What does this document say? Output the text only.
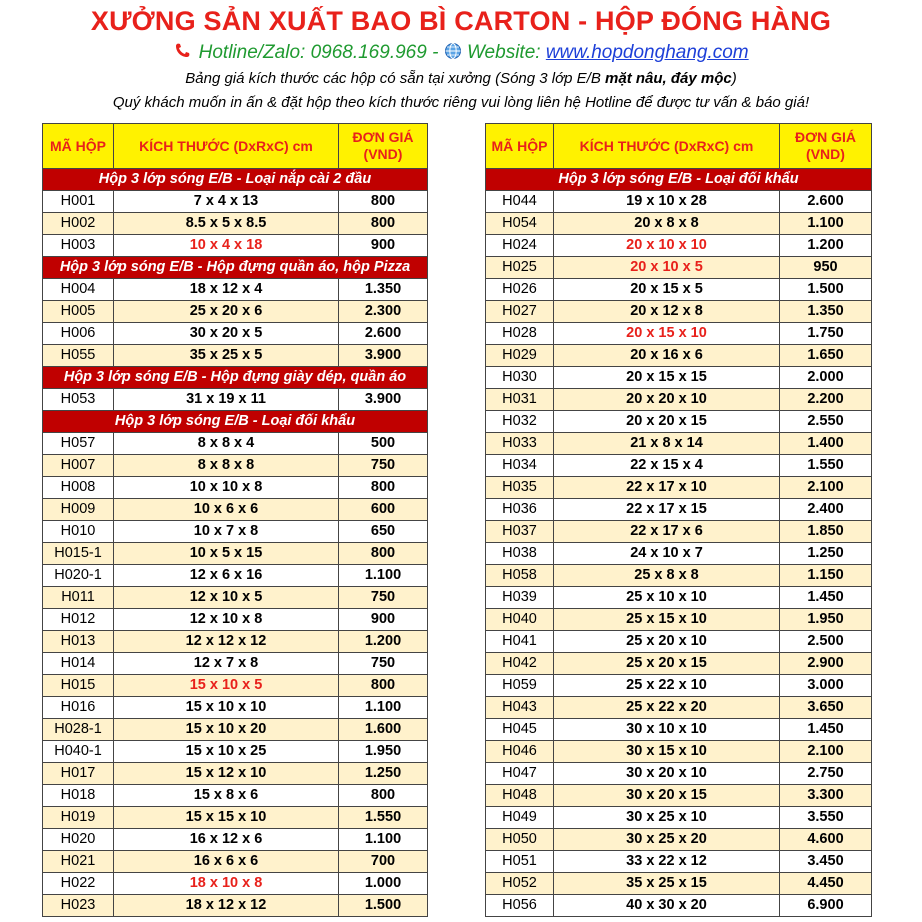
XƯỞNG SẢN XUẤT BAO BÌ CARTON - HỘP ĐÓNG HÀNG
Hotline/Zalo: 0968.169.969 - Website: www.hopdonghang.com
Bảng giá kích thước các hộp có sẵn tại xưởng (Sóng 3 lớp E/B mặt nâu, đáy mộc)
Quý khách muốn in ấn & đặt hộp theo kích thước riêng vui lòng liên hệ Hotline để được tư vấn & báo giá!
MÃ HỘP	KÍCH THƯỚC (DxRxC) cm	ĐƠN GIÁ
(VND)
Hộp 3 lớp sóng E/B - Loại nắp cài 2 đầu		
H001	7 x 4 x 13	800
H002	8.5 x 5 x 8.5	800
H003	10 x 4 x 18	900
Hộp 3 lớp sóng E/B - Hộp đựng quần áo, hộp Pizza		
H004	18 x 12 x 4	1.350
H005	25 x 20 x 6	2.300
H006	30 x 20 x 5	2.600
H055	35 x 25 x 5	3.900
Hộp 3 lớp sóng E/B - Hộp đựng giày dép, quần áo		
H053	31 x 19 x 11	3.900
Hộp 3 lớp sóng E/B - Loại đối khẩu		
H057	8 x 8 x 4	500
H007	8 x 8 x 8	750
H008	10 x 10 x 8	800
H009	10 x 6 x 6	600
H010	10 x 7 x 8	650
H015-1	10 x 5 x 15	800
H020-1	12 x 6 x 16	1.100
H011	12 x 10 x 5	750
H012	12 x 10 x 8	900
H013	12 x 12 x 12	1.200
H014	12 x 7 x 8	750
H015	15 x 10 x 5	800
H016	15 x 10 x 10	1.100
H028-1	15 x 10 x 20	1.600
H040-1	15 x 10 x 25	1.950
H017	15 x 12 x 10	1.250
H018	15 x 8 x 6	800
H019	15 x 15 x 10	1.550
H020	16 x 12 x 6	1.100
H021	16 x 6 x 6	700
H022	18 x 10 x 8	1.000
H023	18 x 12 x 12	1.500
MÃ HỘP	KÍCH THƯỚC (DxRxC) cm	ĐƠN GIÁ
(VND)
Hộp 3 lớp sóng E/B - Loại đối khẩu		
H044	19 x 10 x 28	2.600
H054	20 x 8 x 8	1.100
H024	20 x 10 x 10	1.200
H025	20 x 10 x 5	950
H026	20 x 15 x 5	1.500
H027	20 x 12 x 8	1.350
H028	20 x 15 x 10	1.750
H029	20 x 16 x 6	1.650
H030	20 x 15 x 15	2.000
H031	20 x 20 x 10	2.200
H032	20 x 20 x 15	2.550
H033	21 x 8 x 14	1.400
H034	22 x 15 x 4	1.550
H035	22 x 17 x 10	2.100
H036	22 x 17 x 15	2.400
H037	22 x 17 x 6	1.850
H038	24 x 10 x 7	1.250
H058	25 x 8 x 8	1.150
H039	25 x 10 x 10	1.450
H040	25 x 15 x 10	1.950
H041	25 x 20 x 10	2.500
H042	25 x 20 x 15	2.900
H059	25 x 22 x 10	3.000
H043	25 x 22 x 20	3.650
H045	30 x 10 x 10	1.450
H046	30 x 15 x 10	2.100
H047	30 x 20 x 10	2.750
H048	30 x 20 x 15	3.300
H049	30 x 25 x 10	3.550
H050	30 x 25 x 20	4.600
H051	33 x 22 x 12	3.450
H052	35 x 25 x 15	4.450
H056	40 x 30 x 20	6.900
